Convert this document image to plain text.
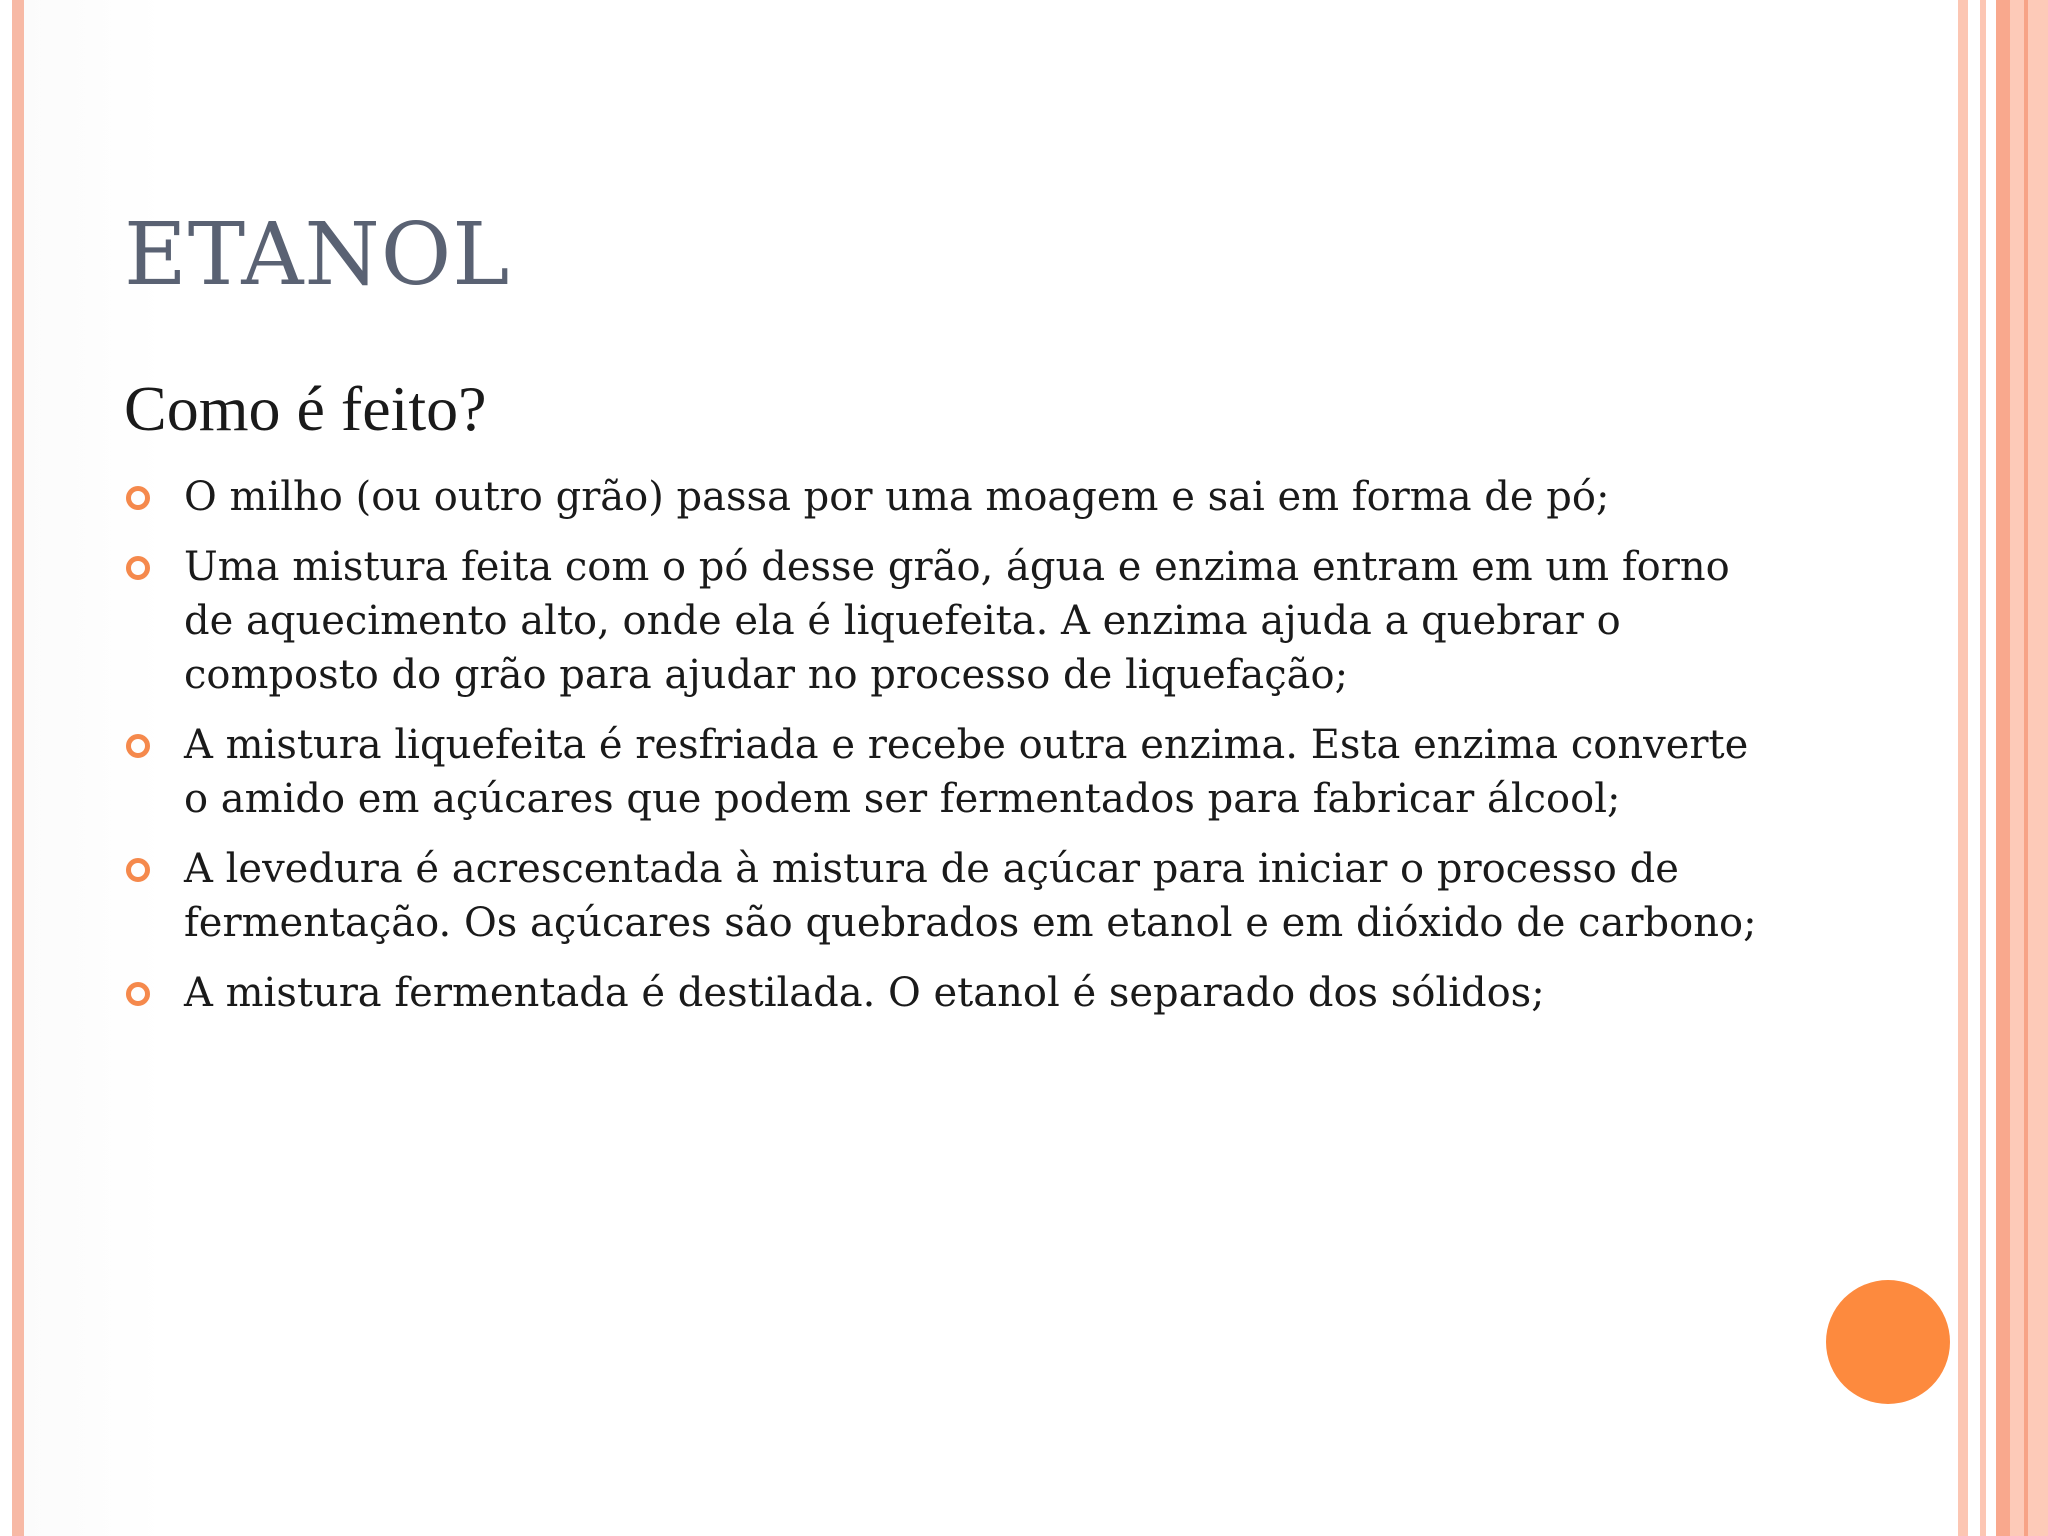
ETANOL
Como é feito?
O milho (ou outro grão) passa por uma moagem e sai em forma de pó;
Uma mistura feita com o pó desse grão, água e enzima entram em um forno de aquecimento alto, onde ela é liquefeita. A enzima ajuda a quebrar o composto do grão para ajudar no processo de liquefação;
A mistura liquefeita é resfriada e recebe outra enzima. Esta enzima converte o amido em açúcares que podem ser fermentados para fabricar álcool;
A levedura é acrescentada à mistura de açúcar para iniciar o processo de fermentação. Os açúcares são quebrados em etanol e em dióxido de carbono;
A mistura fermentada é destilada. O etanol é separado dos sólidos;
